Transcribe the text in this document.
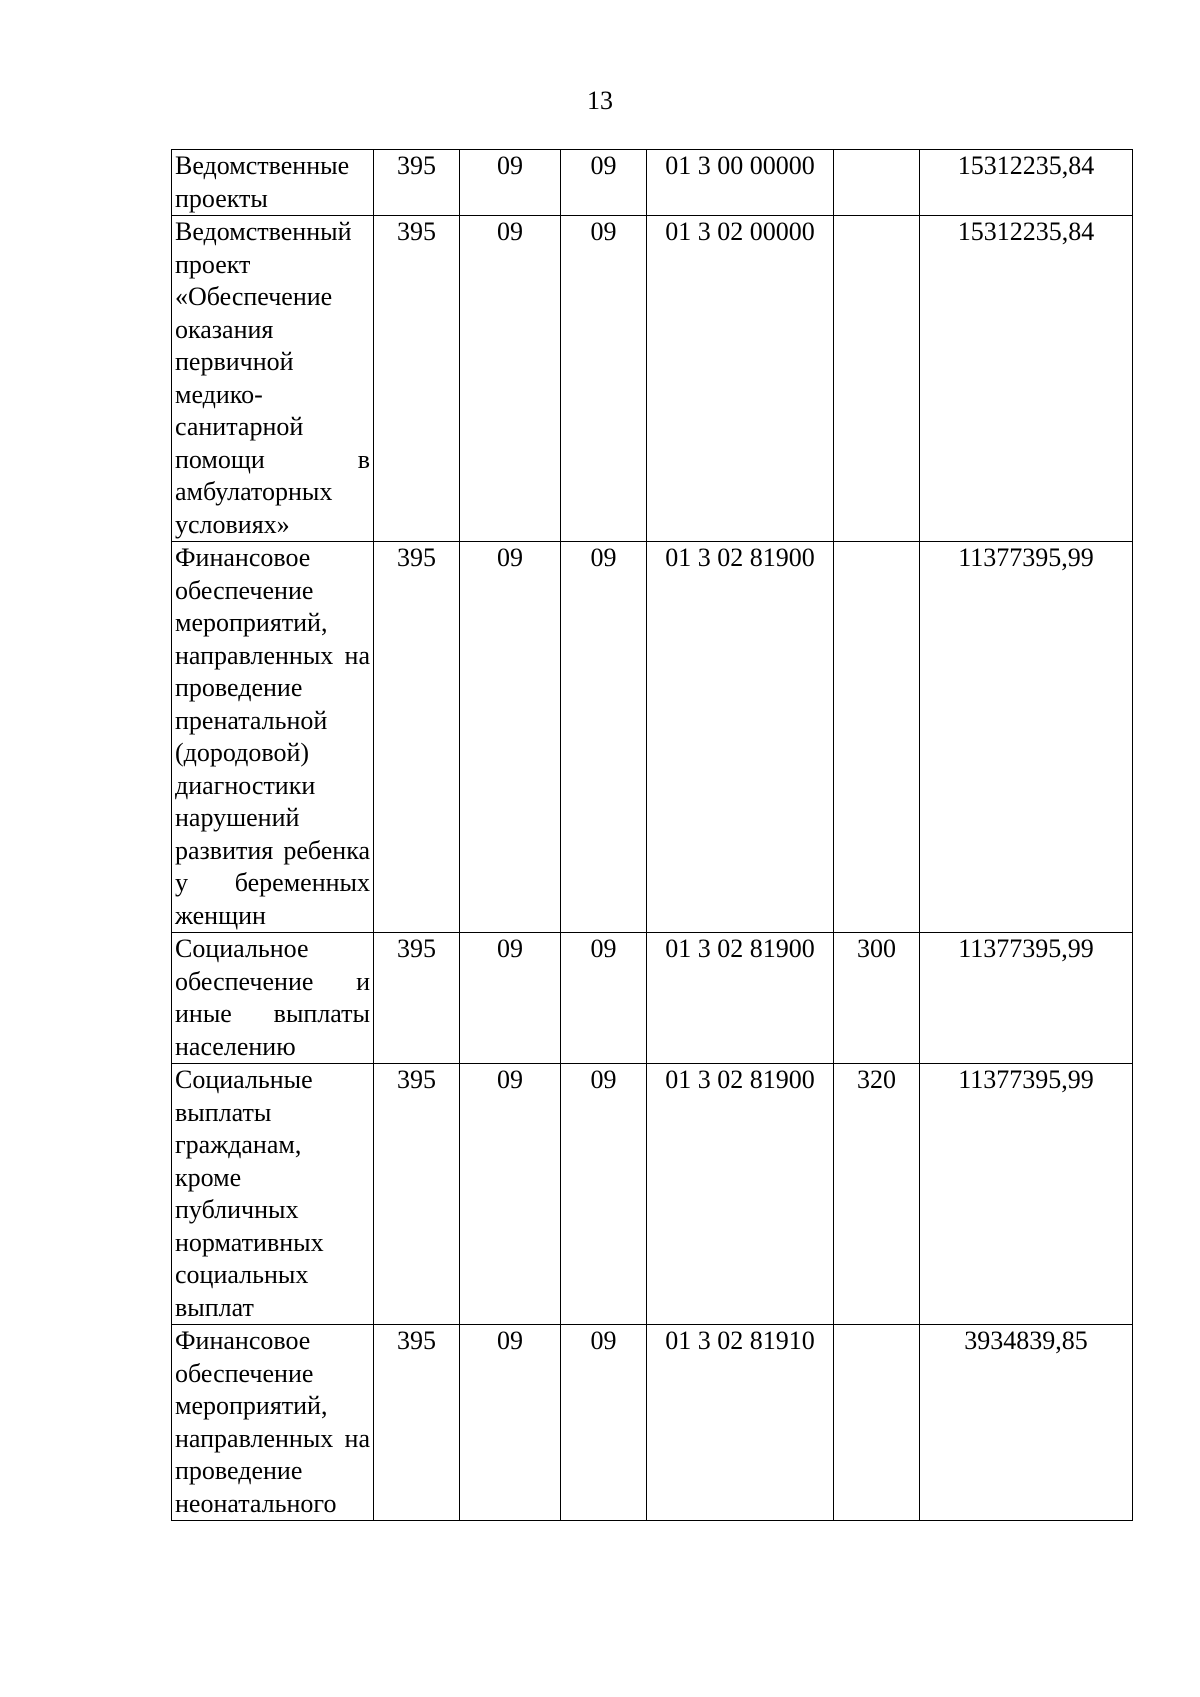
13
Ведомственные проекты	395	09	09	01 3 00 00000		15312235,84
Ведомственный проект «Обеспечение оказания первичной медико-санитарной помощи в амбулаторных условиях»	395	09	09	01 3 02 00000		15312235,84
Финансовое обеспечение мероприятий, направленных на проведение пренатальной (дородовой) диагностики нарушений развития ребенка у беременных женщин	395	09	09	01 3 02 81900		11377395,99
Социальное обеспечение и иные выплаты населению	395	09	09	01 3 02 81900	300	11377395,99
Социальные выплаты гражданам, кроме публичных нормативных социальных выплат	395	09	09	01 3 02 81900	320	11377395,99
Финансовое обеспечение мероприятий, направленных на проведение неонатального	395	09	09	01 3 02 81910		3934839,85
